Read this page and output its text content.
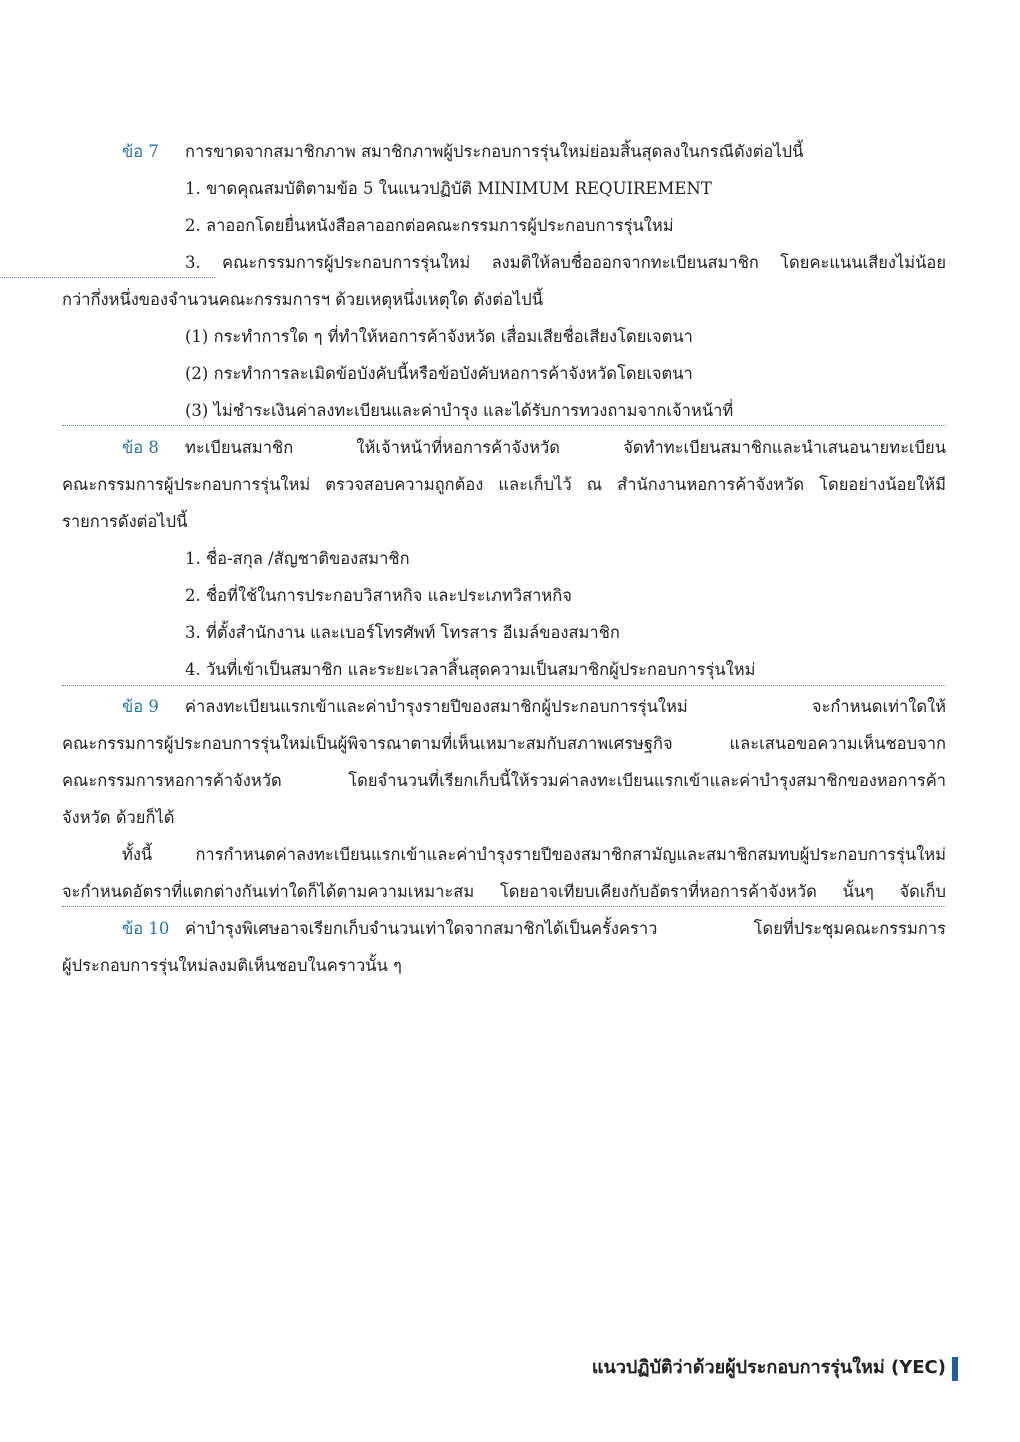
ข้อ 7 การขาดจากสมาชิกภาพ สมาชิกภาพผู้ประกอบการรุ่นใหม่ย่อมสิ้นสุดลงในกรณีดังต่อไปนี้
1. ขาดคุณสมบัติตามข้อ 5 ในแนวปฏิบัติ MINIMUM REQUIREMENT
2. ลาออกโดยยื่นหนังสือลาออกต่อคณะกรรมการผู้ประกอบการรุ่นใหม่
3. คณะกรรมการผู้ประกอบการรุ่นใหม่ ลงมติให้ลบชื่อออกจากทะเบียนสมาชิก โดยคะแนนเสียงไม่น้อย
กว่ากึ่งหนึ่งของจำนวนคณะกรรมการฯ ด้วยเหตุหนึ่งเหตุใด ดังต่อไปนี้
(1) กระทำการใด ๆ ที่ทำให้หอการค้าจังหวัด เสื่อมเสียชื่อเสียงโดยเจตนา
(2) กระทำการละเมิดข้อบังคับนี้หรือข้อบังคับหอการค้าจังหวัดโดยเจตนา
(3) ไม่ชำระเงินค่าลงทะเบียนและค่าบำรุง และได้รับการทวงถามจากเจ้าหน้าที่
ข้อ 8 ทะเบียนสมาชิก ให้เจ้าหน้าที่หอการค้าจังหวัด จัดทำทะเบียนสมาชิกและนำเสนอนายทะเบียน
คณะกรรมการผู้ประกอบการรุ่นใหม่ ตรวจสอบความถูกต้อง และเก็บไว้ ณ สำนักงานหอการค้าจังหวัด โดยอย่างน้อยให้มี
รายการดังต่อไปนี้
1. ชื่อ-สกุล /สัญชาติของสมาชิก
2. ชื่อที่ใช้ในการประกอบวิสาหกิจ และประเภทวิสาหกิจ
3. ที่ตั้งสำนักงาน และเบอร์โทรศัพท์ โทรสาร อีเมล์ของสมาชิก
4. วันที่เข้าเป็นสมาชิก และระยะเวลาสิ้นสุดความเป็นสมาชิกผู้ประกอบการรุ่นใหม่
ข้อ 9 ค่าลงทะเบียนแรกเข้าและค่าบำรุงรายปีของสมาชิกผู้ประกอบการรุ่นใหม่ จะกำหนดเท่าใดให้
คณะกรรมการผู้ประกอบการรุ่นใหม่เป็นผู้พิจารณาตามที่เห็นเหมาะสมกับสภาพเศรษฐกิจ และเสนอขอความเห็นชอบจาก
คณะกรรมการหอการค้าจังหวัด โดยจำนวนที่เรียกเก็บนี้ให้รวมค่าลงทะเบียนแรกเข้าและค่าบำรุงสมาชิกของหอการค้า
จังหวัด ด้วยก็ได้
ทั้งนี้ การกำหนดค่าลงทะเบียนแรกเข้าและค่าบำรุงรายปีของสมาชิกสามัญและสมาชิกสมทบผู้ประกอบการรุ่นใหม่
จะกำหนดอัตราที่แตกต่างกันเท่าใดก็ได้ตามความเหมาะสม โดยอาจเทียบเคียงกับอัตราที่หอการค้าจังหวัด นั้นๆ จัดเก็บ
ข้อ 10 ค่าบำรุงพิเศษอาจเรียกเก็บจำนวนเท่าใดจากสมาชิกได้เป็นครั้งคราว โดยที่ประชุมคณะกรรมการ
ผู้ประกอบการรุ่นใหม่ลงมติเห็นชอบในคราวนั้น ๆ
แนวปฏิบัติว่าด้วยผู้ประกอบการรุ่นใหม่ (YEC)
